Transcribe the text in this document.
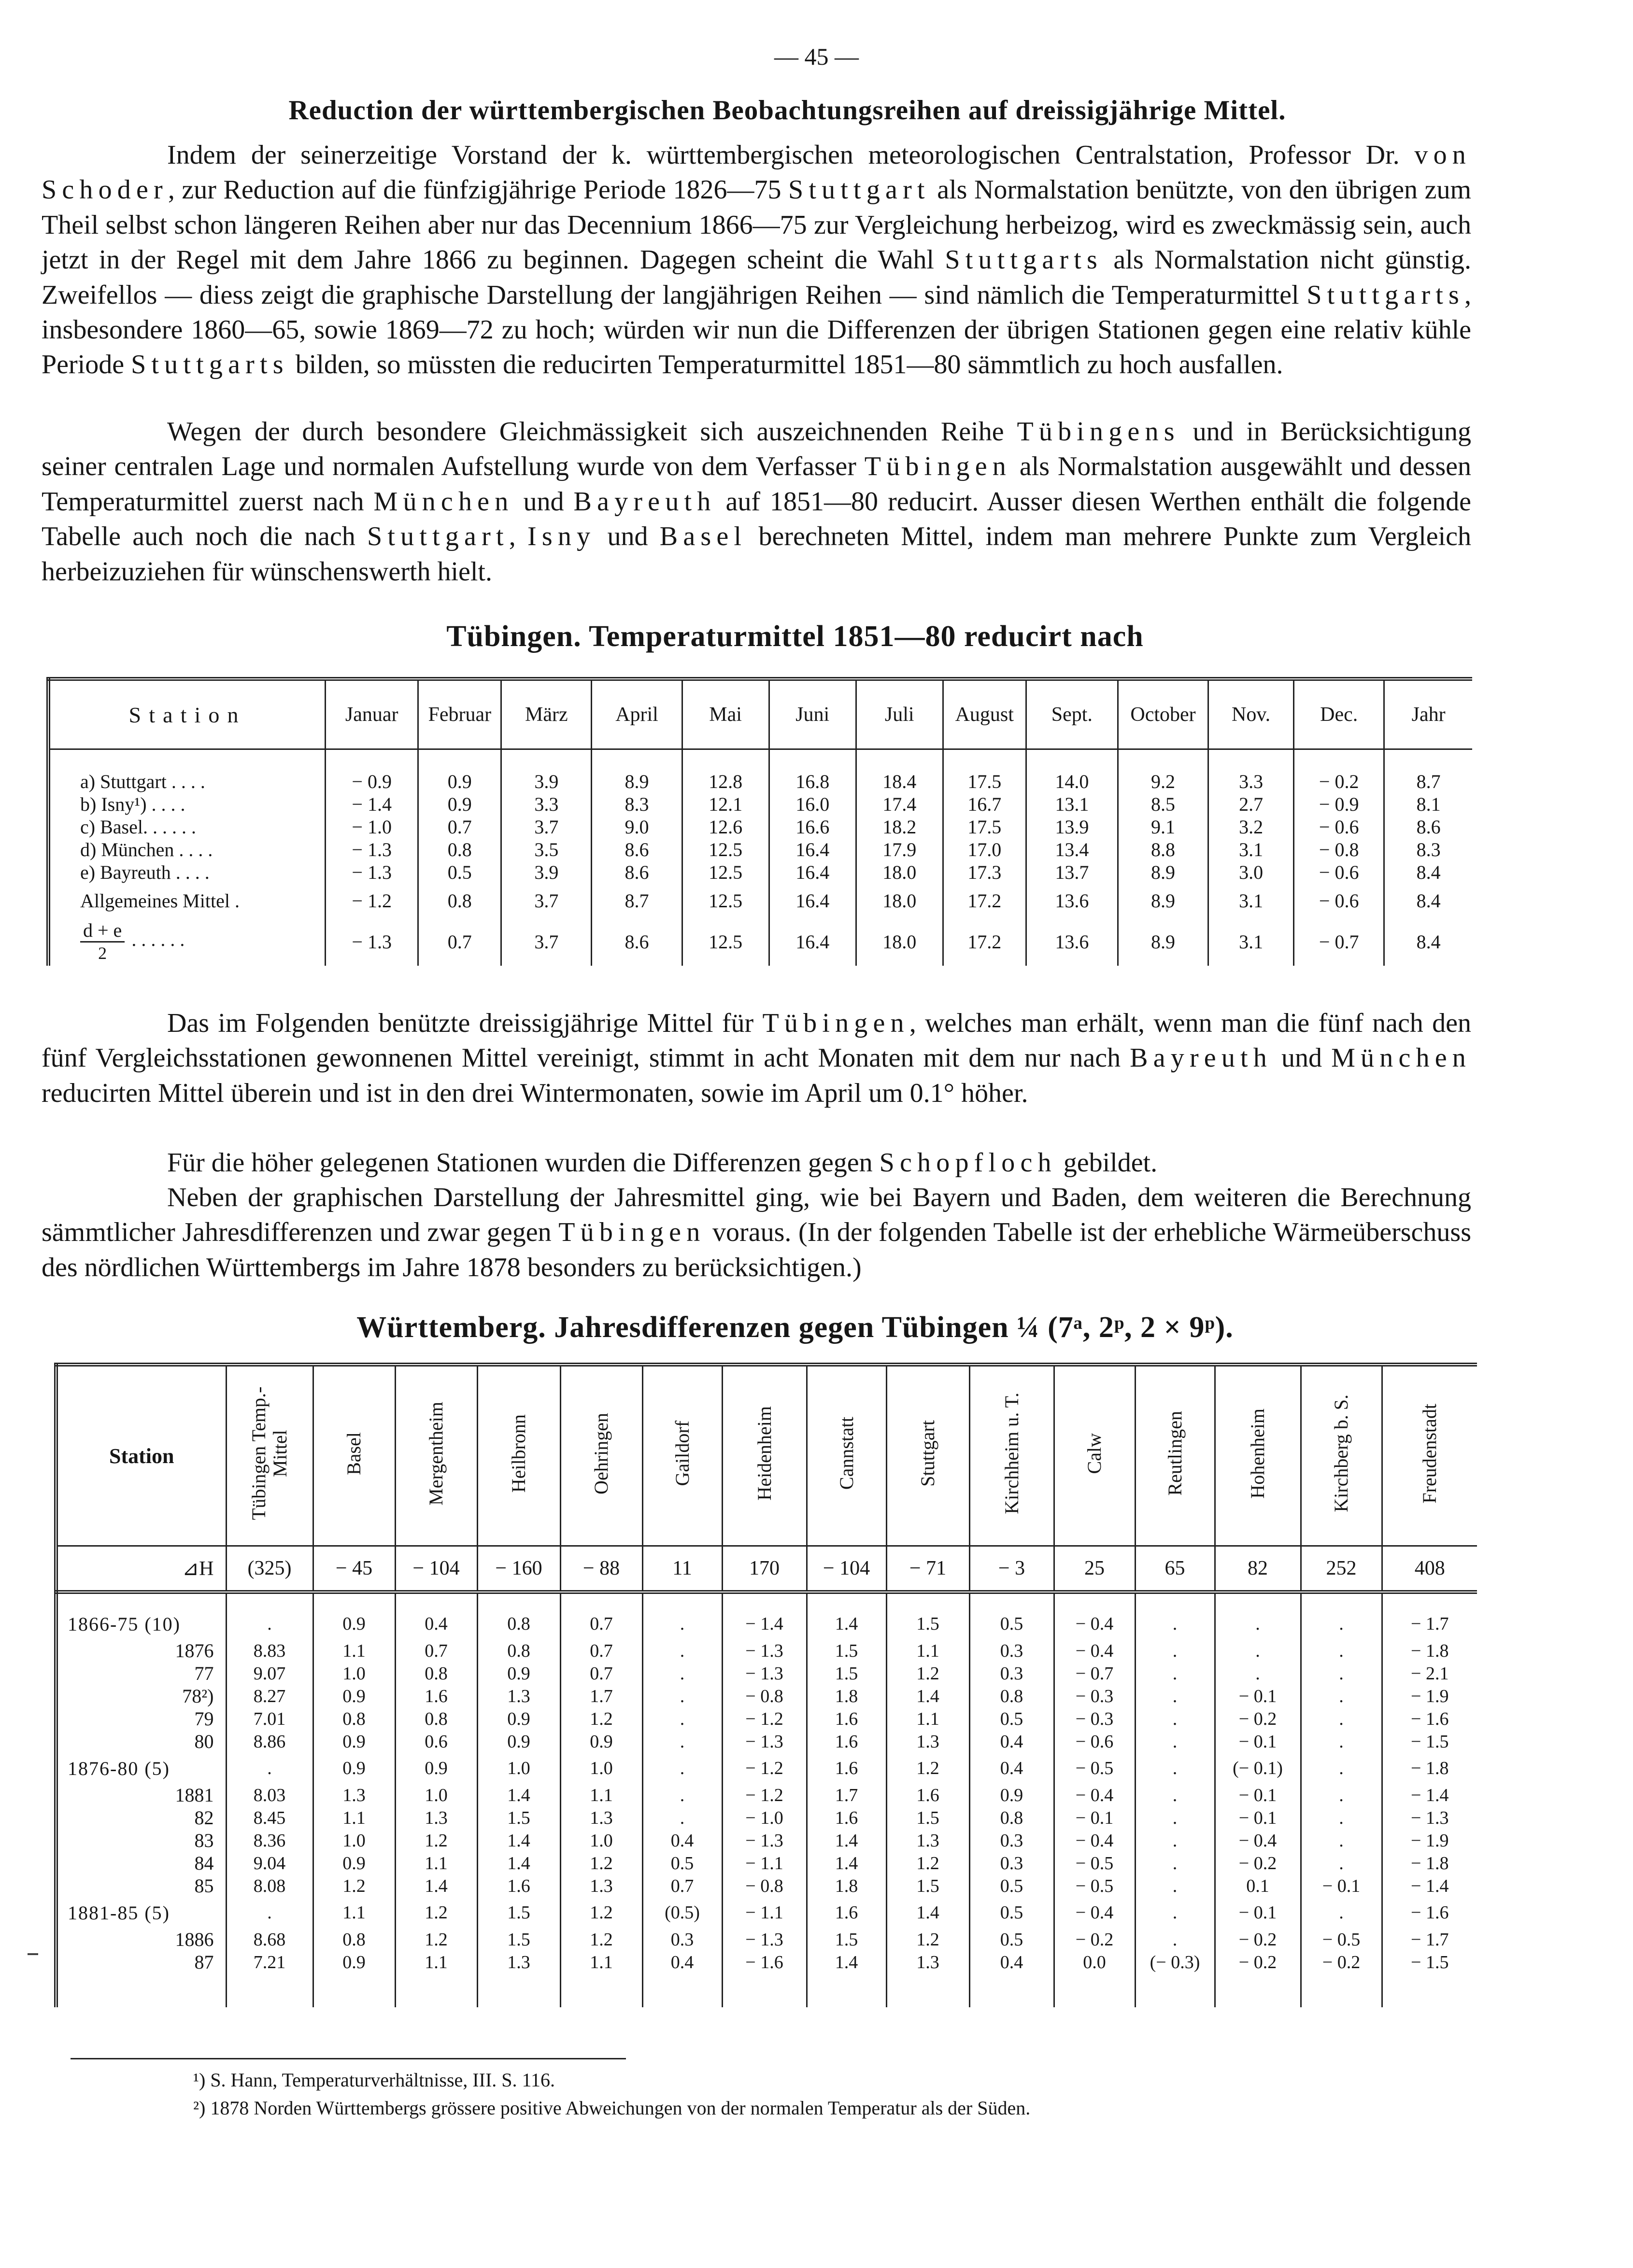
— 45 —
Reduction der württembergischen Beobachtungsreihen auf dreissigjährige Mittel.
Indem der seinerzeitige Vorstand der k. württembergischen meteorologischen Centralstation, Professor Dr. von Schoder, zur Reduction auf die fünfzigjährige Periode 1826—75 Stuttgart als Normalstation benützte, von den übrigen zum Theil selbst schon längeren Reihen aber nur das Decennium 1866—75 zur Vergleichung herbeizog, wird es zweckmässig sein, auch jetzt in der Regel mit dem Jahre 1866 zu beginnen. Dagegen scheint die Wahl Stuttgarts als Normalstation nicht günstig. Zweifellos — diess zeigt die graphische Darstellung der langjährigen Reihen — sind nämlich die Temperaturmittel Stuttgarts, insbesondere 1860—65, sowie 1869—72 zu hoch; würden wir nun die Differenzen der übrigen Stationen gegen eine relativ kühle Periode Stuttgarts bilden, so müssten die reducirten Temperaturmittel 1851—80 sämmtlich zu hoch ausfallen.
Wegen der durch besondere Gleichmässigkeit sich auszeichnenden Reihe Tübingens und in Berücksichtigung seiner centralen Lage und normalen Aufstellung wurde von dem Verfasser Tübingen als Normalstation ausgewählt und dessen Temperaturmittel zuerst nach München und Bayreuth auf 1851—80 reducirt. Ausser diesen Werthen enthält die folgende Tabelle auch noch die nach Stuttgart, Isny und Basel berechneten Mittel, indem man mehrere Punkte zum Vergleich herbeizuziehen für wünschenswerth hielt.
Tübingen. Temperaturmittel 1851—80 reducirt nach
Station	Januar	Februar	März	April	Mai	Juni	Juli	August	Sept.	October	Nov.	Dec.	Jahr

a) Stuttgart . . . .	− 0.9	0.9	3.9	8.9	12.8	16.8	18.4	17.5	14.0	9.2	3.3	− 0.2	8.7
b) Isny¹) . . . .	− 1.4	0.9	3.3	8.3	12.1	16.0	17.4	16.7	13.1	8.5	2.7	− 0.9	8.1
c) Basel. . . . . .	− 1.0	0.7	3.7	9.0	12.6	16.6	18.2	17.5	13.9	9.1	3.2	− 0.6	8.6
d) München . . . .	− 1.3	0.8	3.5	8.6	12.5	16.4	17.9	17.0	13.4	8.8	3.1	− 0.8	8.3
e) Bayreuth . . . .	− 1.3	0.5	3.9	8.6	12.5	16.4	18.0	17.3	13.7	8.9	3.0	− 0.6	8.4
Allgemeines Mittel .	− 1.2	0.8	3.7	8.7	12.5	16.4	18.0	17.2	13.6	8.9	3.1	− 0.6	8.4

$\frac{d + e}{2}$ . . . . . .	− 1.3	0.7	3.7	8.6	12.5	16.4	18.0	17.2	13.6	8.9	3.1	− 0.7	8.4
Das im Folgenden benützte dreissigjährige Mittel für Tübingen, welches man erhält, wenn man die fünf nach den fünf Vergleichsstationen gewonnenen Mittel vereinigt, stimmt in acht Monaten mit dem nur nach Bayreuth und München reducirten Mittel überein und ist in den drei Wintermonaten, sowie im April um 0.1° höher.
Für die höher gelegenen Stationen wurden die Differenzen gegen Schopfloch gebildet.
Neben der graphischen Darstellung der Jahresmittel ging, wie bei Bayern und Baden, dem weiteren die Berechnung sämmtlicher Jahresdifferenzen und zwar gegen Tübingen voraus. (In der folgenden Tabelle ist der erhebliche Wärmeüberschuss des nördlichen Württembergs im Jahre 1878 besonders zu berücksichtigen.)
Württemberg. Jahresdifferenzen gegen Tübingen ¼ (7ᵃ, 2ᵖ, 2 × 9ᵖ).
Station	Tübingen Temp.-Mittel	Basel	Mergentheim	Heilbronn	Oehringen	Gaildorf	Heidenheim	Cannstatt	Stuttgart	Kirchheim u. T.	Calw	Reutlingen	Hohenheim	Kirchberg b. S.	Freudenstadt
⊿H	(325)	− 45	− 104	− 160	− 88	11	170	− 104	− 71	− 3	25	65	82	252	408

1866-75 (10)	.	0.9	0.4	0.8	0.7	.	− 1.4	1.4	1.5	0.5	− 0.4	.	.	.	− 1.7
1876	8.83	1.1	0.7	0.8	0.7	.	− 1.3	1.5	1.1	0.3	− 0.4	.	.	.	− 1.8
77	9.07	1.0	0.8	0.9	0.7	.	− 1.3	1.5	1.2	0.3	− 0.7	.	.	.	− 2.1
78²)	8.27	0.9	1.6	1.3	1.7	.	− 0.8	1.8	1.4	0.8	− 0.3	.	− 0.1	.	− 1.9
79	7.01	0.8	0.8	0.9	1.2	.	− 1.2	1.6	1.1	0.5	− 0.3	.	− 0.2	.	− 1.6
80	8.86	0.9	0.6	0.9	0.9	.	− 1.3	1.6	1.3	0.4	− 0.6	.	− 0.1	.	− 1.5
1876-80 (5)	.	0.9	0.9	1.0	1.0	.	− 1.2	1.6	1.2	0.4	− 0.5	.	(− 0.1)	.	− 1.8
1881	8.03	1.3	1.0	1.4	1.1	.	− 1.2	1.7	1.6	0.9	− 0.4	.	− 0.1	.	− 1.4
82	8.45	1.1	1.3	1.5	1.3	.	− 1.0	1.6	1.5	0.8	− 0.1	.	− 0.1	.	− 1.3
83	8.36	1.0	1.2	1.4	1.0	0.4	− 1.3	1.4	1.3	0.3	− 0.4	.	− 0.4	.	− 1.9
84	9.04	0.9	1.1	1.4	1.2	0.5	− 1.1	1.4	1.2	0.3	− 0.5	.	− 0.2	.	− 1.8
85	8.08	1.2	1.4	1.6	1.3	0.7	− 0.8	1.8	1.5	0.5	− 0.5	.	0.1	− 0.1	− 1.4
1881-85 (5)	.	1.1	1.2	1.5	1.2	(0.5)	− 1.1	1.6	1.4	0.5	− 0.4	.	− 0.1	.	− 1.6
1886	8.68	0.8	1.2	1.5	1.2	0.3	− 1.3	1.5	1.2	0.5	− 0.2	.	− 0.2	− 0.5	− 1.7
87	7.21	0.9	1.1	1.3	1.1	0.4	− 1.6	1.4	1.3	0.4	0.0	(− 0.3)	− 0.2	− 0.2	− 1.5

¹) S. Hann, Temperaturverhältnisse, III. S. 116.
²) 1878 Norden Württembergs grössere positive Abweichungen von der normalen Temperatur als der Süden.
